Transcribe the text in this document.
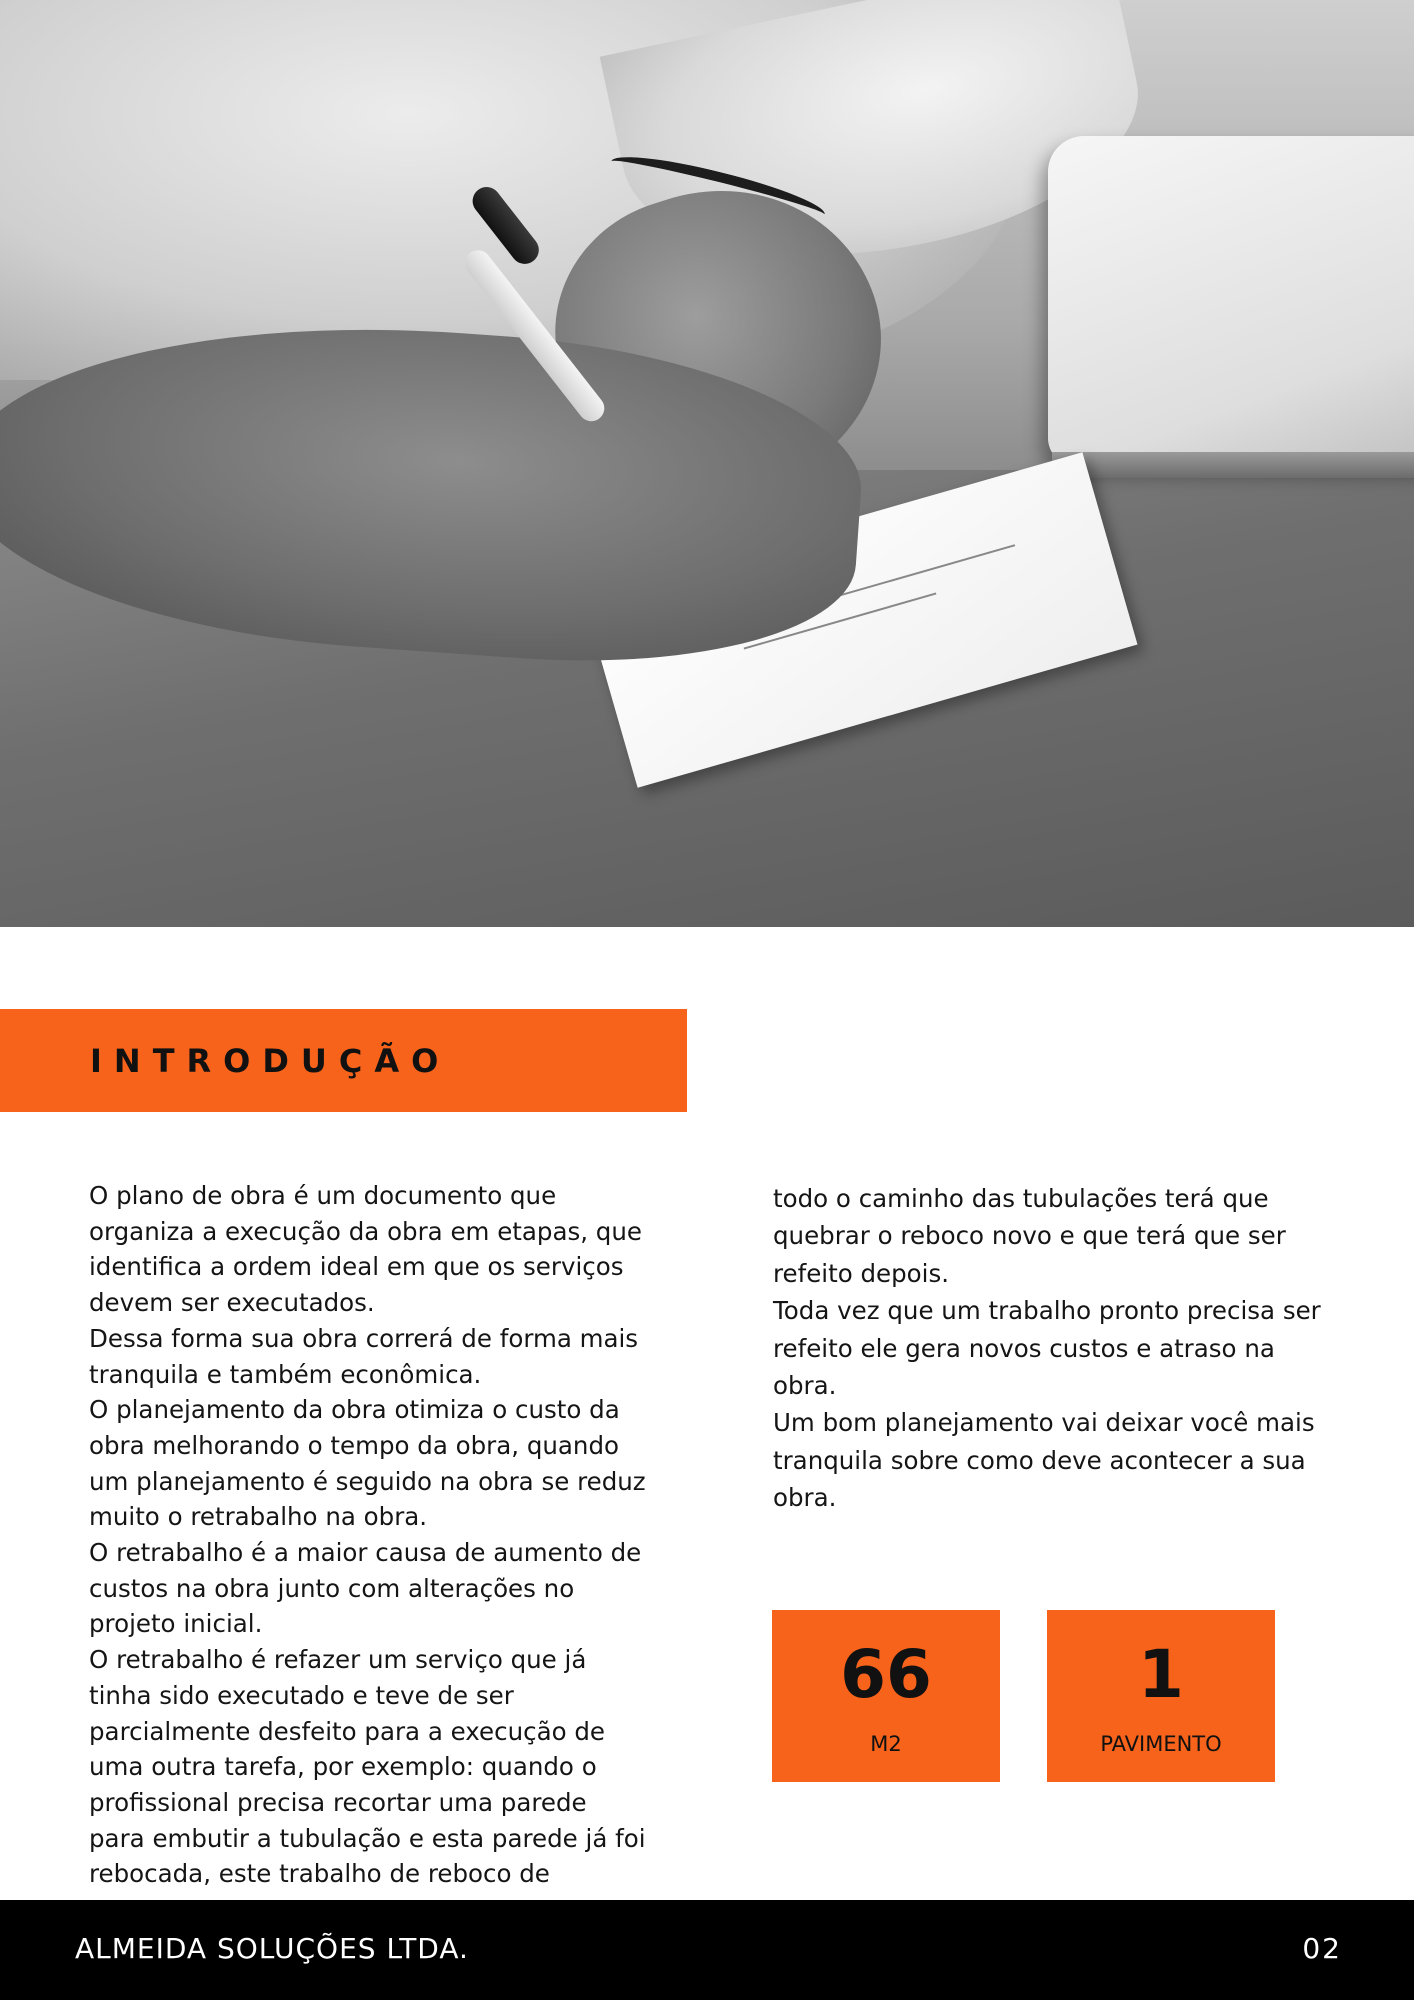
INTRODUÇÃO

O plano de obra é um documento que organiza a execução da obra em etapas, que identifica a ordem ideal em que os serviços devem ser executados.

Dessa forma sua obra correrá de forma mais tranquila e também econômica.

O planejamento da obra otimiza o custo da obra melhorando o tempo da obra, quando um planejamento é seguido na obra se reduz muito o retrabalho na obra.

O retrabalho é a maior causa de aumento de custos na obra junto com alterações no projeto inicial.

O retrabalho é refazer um serviço que já tinha sido executado e teve de ser parcialmente desfeito para a execução de uma outra tarefa, por exemplo: quando o profissional precisa recortar uma parede para embutir a tubulação e esta parede já foi rebocada, este trabalho de reboco de

todo o caminho das tubulações terá que quebrar o reboco novo e que terá que ser refeito depois.

Toda vez que um trabalho pronto precisa ser refeito ele gera novos custos e atraso na obra.

Um bom planejamento vai deixar você mais tranquila sobre como deve acontecer a sua obra.

66
M2
1
PAVIMENTO
ALMEIDA SOLUÇÕES LTDA.	02
